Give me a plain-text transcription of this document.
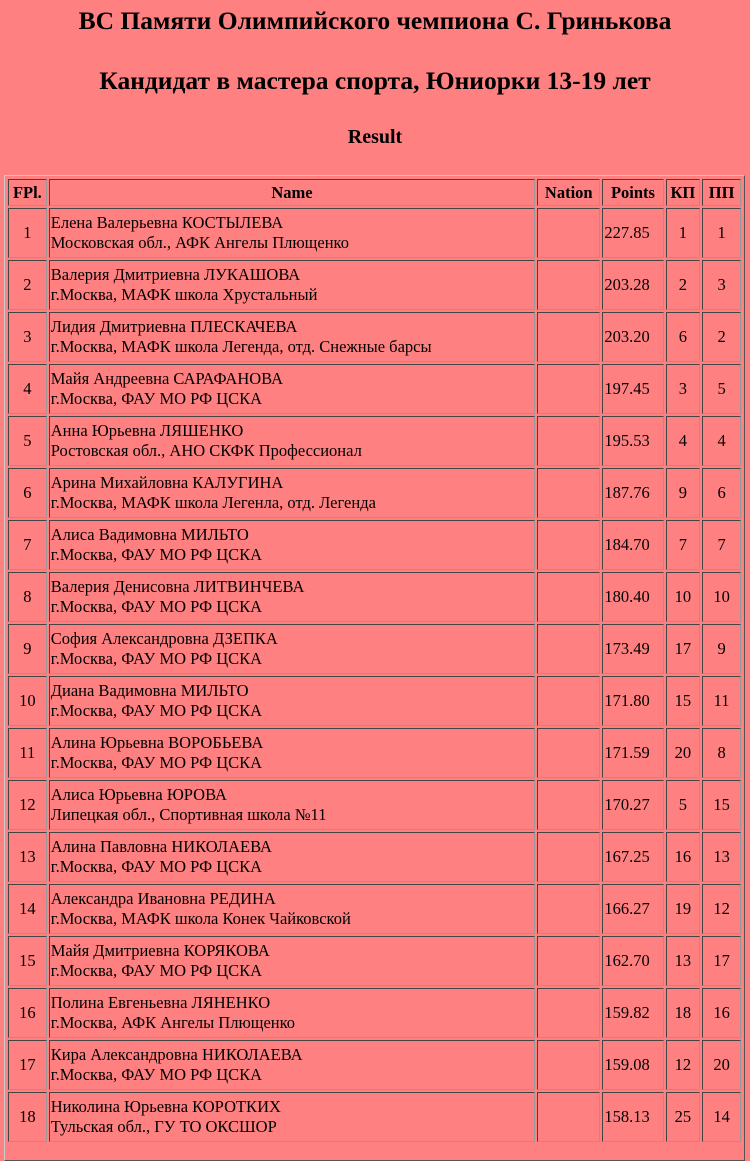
ВС Памяти Олимпийского чемпиона С. Гринькова
Кандидат в мастера спорта, Юниорки 13-19 лет
Result
FPl.	Name	Nation	Points	КП	ПП
1	Елена Валерьевна КОСТЫЛЕВА
Московская обл., АФК Ангелы Плющенко		227.85	1	1
2	Валерия Дмитриевна ЛУКАШОВА
г.Москва, МАФК школа Хрустальный		203.28	2	3
3	Лидия Дмитриевна ПЛЕСКАЧЕВА
г.Москва, МАФК школа Легенда, отд. Снежные барсы		203.20	6	2
4	Майя Андреевна САРАФАНОВА
г.Москва, ФАУ МО РФ ЦСКА		197.45	3	5
5	Анна Юрьевна ЛЯШЕНКО
Ростовская обл., АНО СКФК Профессионал		195.53	4	4
6	Арина Михайловна КАЛУГИНА
г.Москва, МАФК школа Легенла, отд. Легенда		187.76	9	6
7	Алиса Вадимовна МИЛЬТО
г.Москва, ФАУ МО РФ ЦСКА		184.70	7	7
8	Валерия Денисовна ЛИТВИНЧЕВА
г.Москва, ФАУ МО РФ ЦСКА		180.40	10	10
9	София Александровна ДЗЕПКА
г.Москва, ФАУ МО РФ ЦСКА		173.49	17	9
10	Диана Вадимовна МИЛЬТО
г.Москва, ФАУ МО РФ ЦСКА		171.80	15	11
11	Алина Юрьевна ВОРОБЬЕВА
г.Москва, ФАУ МО РФ ЦСКА		171.59	20	8
12	Алиса Юрьевна ЮРОВА
Липецкая обл., Спортивная школа №11		170.27	5	15
13	Алина Павловна НИКОЛАЕВА
г.Москва, ФАУ МО РФ ЦСКА		167.25	16	13
14	Александра Ивановна РЕДИНА
г.Москва, МАФК школа Конек Чайковской		166.27	19	12
15	Майя Дмитриевна КОРЯКОВА
г.Москва, ФАУ МО РФ ЦСКА		162.70	13	17
16	Полина Евгеньевна ЛЯНЕНКО
г.Москва, АФК Ангелы Плющенко		159.82	18	16
17	Кира Александровна НИКОЛАЕВА
г.Москва, ФАУ МО РФ ЦСКА		159.08	12	20
18	Николина Юрьевна КОРОТКИХ
Тульская обл., ГУ ТО ОКСШОР		158.13	25	14
